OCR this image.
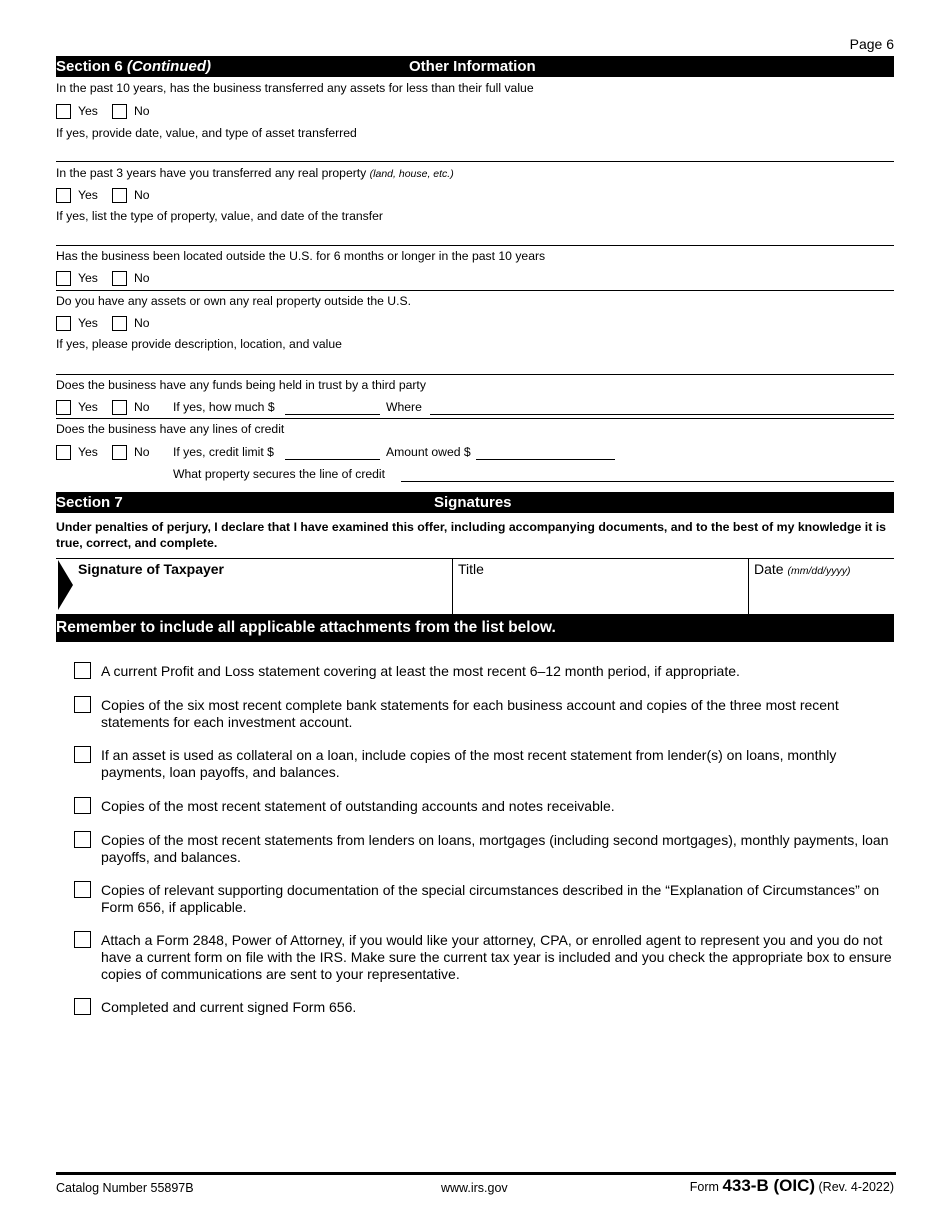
Page 6
Section 6 (Continued)	Other Information
In the past 10 years, has the business transferred any assets for less than their full value
Yes	No
If yes, provide date, value, and type of asset transferred
In the past 3 years have you transferred any real property (land, house, etc.)
Yes	No
If yes, list the type of property, value, and date of the transfer
Has the business been located outside the U.S. for 6 months or longer in the past 10 years
Yes	No
Do you have any assets or own any real property outside the U.S.
Yes	No
If yes, please provide description, location, and value
Does the business have any funds being held in trust by a third party
Yes	No If yes, how much $	Where
Does the business have any lines of credit
Yes	No If yes, credit limit $	Amount owed $
What property secures the line of credit
Section 7	Signatures
Under penalties of perjury, I declare that I have examined this offer, including accompanying documents, and to the best of my knowledge it is true, correct, and complete.
Signature of Taxpayer	Title	Date (mm/dd/yyyy)
Remember to include all applicable attachments from the list below.
A current Profit and Loss statement covering at least the most recent 6–12 month period, if appropriate.
Copies of the six most recent complete bank statements for each business account and copies of the three most recent statements for each investment account.
If an asset is used as collateral on a loan, include copies of the most recent statement from lender(s) on loans, monthly payments, loan payoffs, and balances.
Copies of the most recent statement of outstanding accounts and notes receivable.
Copies of the most recent statements from lenders on loans, mortgages (including second mortgages), monthly payments, loan payoffs, and balances.
Copies of relevant supporting documentation of the special circumstances described in the “Explanation of Circumstances” on Form 656, if applicable.
Attach a Form 2848, Power of Attorney, if you would like your attorney, CPA, or enrolled agent to represent you and you do not have a current form on file with the IRS. Make sure the current tax year is included and you check the appropriate box to ensure copies of communications are sent to your representative.
Completed and current signed Form 656.
Catalog Number 55897B	www.irs.gov	Form 433-B (OIC) (Rev. 4-2022)
